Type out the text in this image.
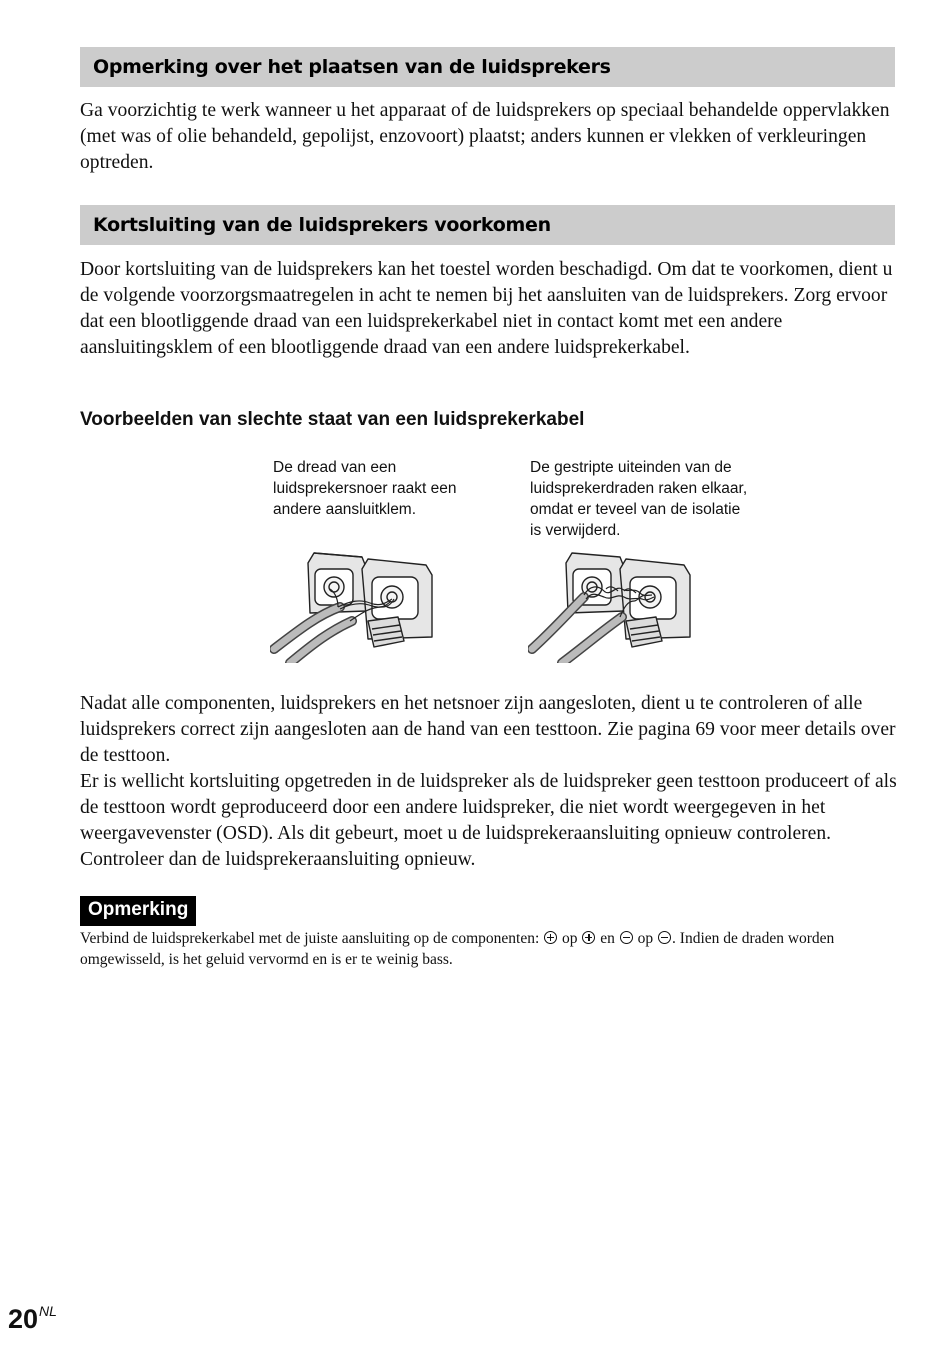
Opmerking over het plaatsen van de luidsprekers

Ga voorzichtig te werk wanneer u het apparaat of de luidsprekers op speciaal behandelde oppervlakken (met was of olie behandeld, gepolijst, enzovoort) plaatst; anders kunnen er vlekken of verkleuringen optreden.

Kortsluiting van de luidsprekers voorkomen

Door kortsluiting van de luidsprekers kan het toestel worden beschadigd. Om dat te voorkomen, dient u de volgende voorzorgsmaatregelen in acht te nemen bij het aansluiten van de luidsprekers. Zorg ervoor dat een blootliggende draad van een luidsprekerkabel niet in contact komt met een andere aansluitingsklem of een blootliggende draad van een andere luidsprekerkabel.

Voorbeelden van slechte staat van een luidsprekerkabel
De dread van een
luidsprekersnoer raakt een
andere aansluitklem.
De gestripte uiteinden van de
luidsprekerdraden raken elkaar,
omdat er teveel van de isolatie
is verwijderd.

Nadat alle componenten, luidsprekers en het netsnoer zijn aangesloten, dient u te controleren of alle luidsprekers correct zijn aangesloten aan de hand van een testtoon. Zie pagina 69 voor meer details over de testtoon.

Er is wellicht kortsluiting opgetreden in de luidspreker als de luidspreker geen testtoon produceert of als de testtoon wordt geproduceerd door een andere luidspreker, die niet wordt weergegeven in het weergavevenster (OSD). Als dit gebeurt, moet u de luidsprekeraansluiting opnieuw controleren. Controleer dan de luidsprekeraansluiting opnieuw.

Opmerking
Verbind de luidsprekerkabel met de juiste aansluiting op de componenten:  op  en  op . Indien de draden worden omgewisseld, is het geluid vervormd en is er te weinig bass.
$20^{NL}$
